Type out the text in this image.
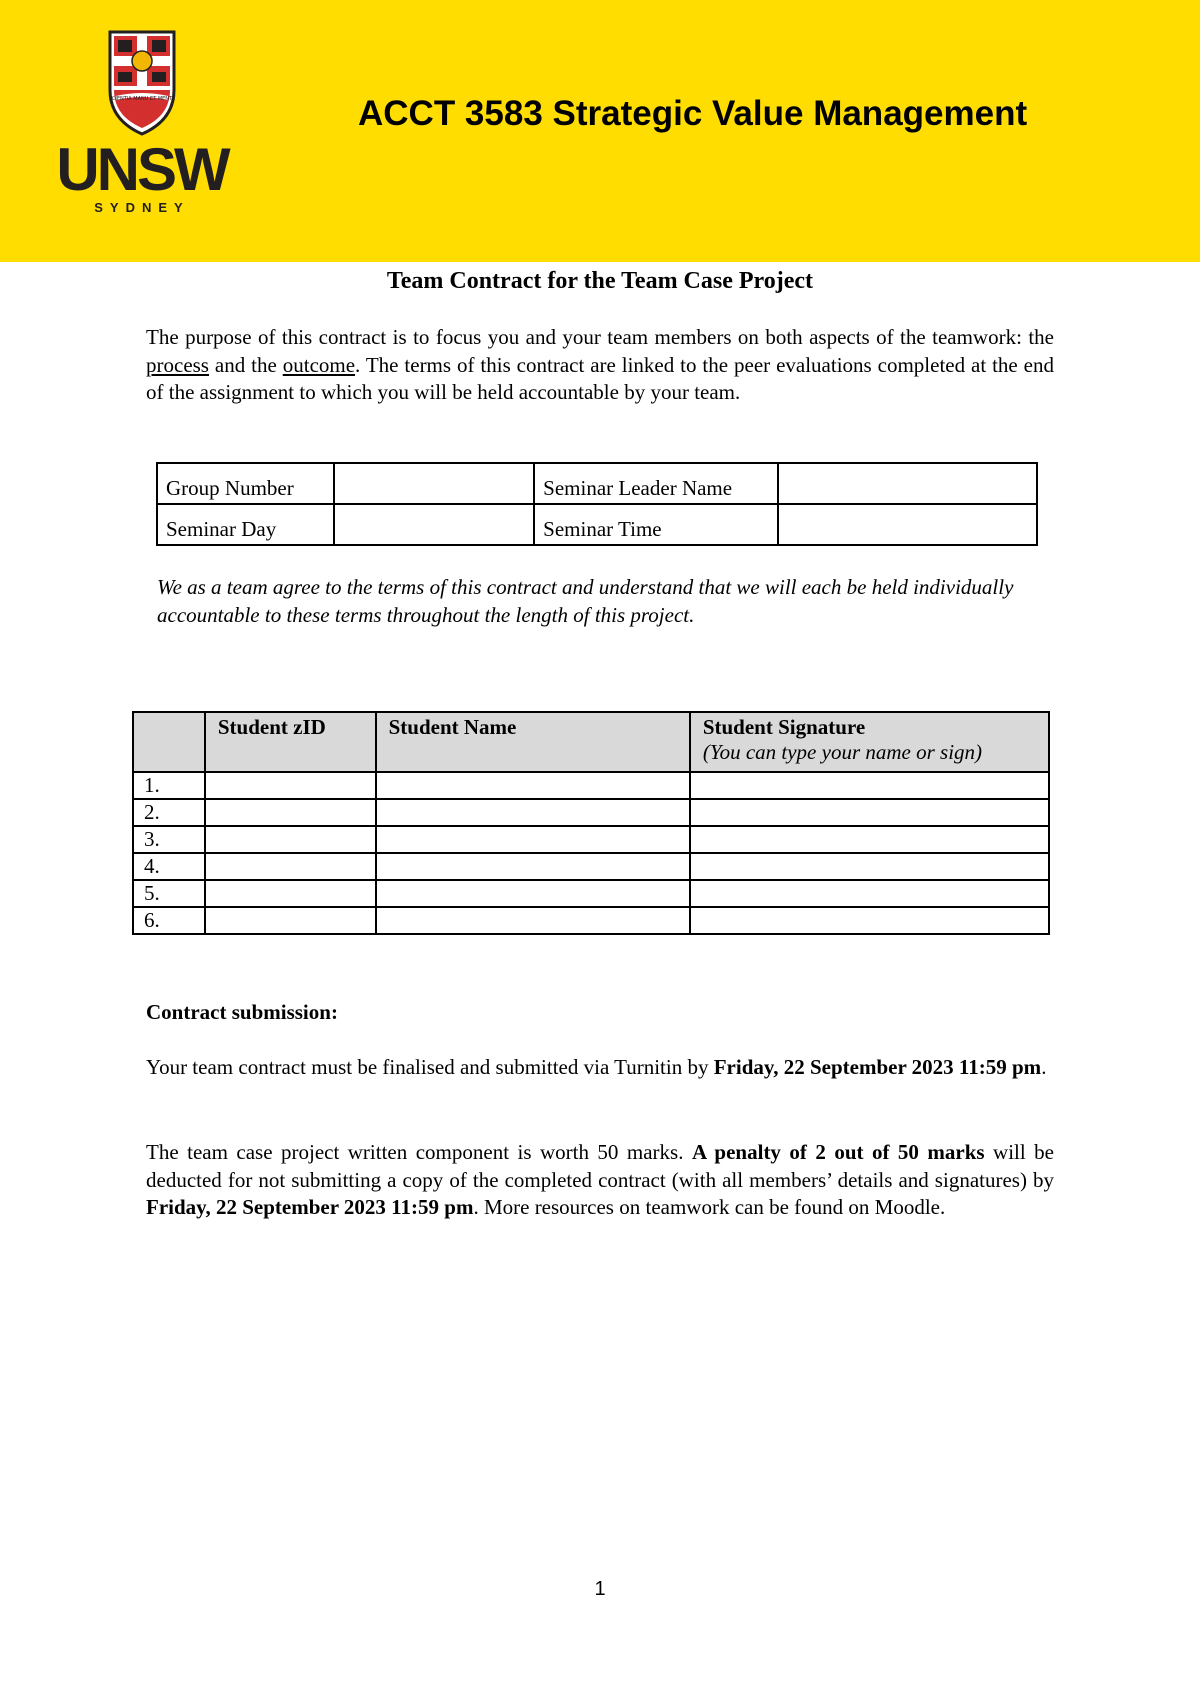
SCIENTIA MANU ET MENTE
UNSW
SYDNEY
ACCT 3583 Strategic Value Management
Team Contract for the Team Case Project
The purpose of this contract is to focus you and your team members on both aspects of the teamwork: the process and the outcome. The terms of this contract are linked to the peer evaluations completed at the end of the assignment to which you will be held accountable by your team.
Group Number		Seminar Leader Name	
Seminar Day		Seminar Time	
We as a team agree to the terms of this contract and understand that we will each be held individually accountable to these terms throughout the length of this project.
	Student zID	Student Name	Student Signature
(You can type your name or sign)

1.			
2.			
3.			
4.			
5.			
6.			
Contract submission:
Your team contract must be finalised and submitted via Turnitin by Friday, 22 September 2023 11:59 pm.
The team case project written component is worth 50 marks. A penalty of 2 out of 50 marks will be deducted for not submitting a copy of the completed contract (with all members’ details and signatures) by Friday, 22 September 2023 11:59 pm. More resources on teamwork can be found on Moodle.
1
